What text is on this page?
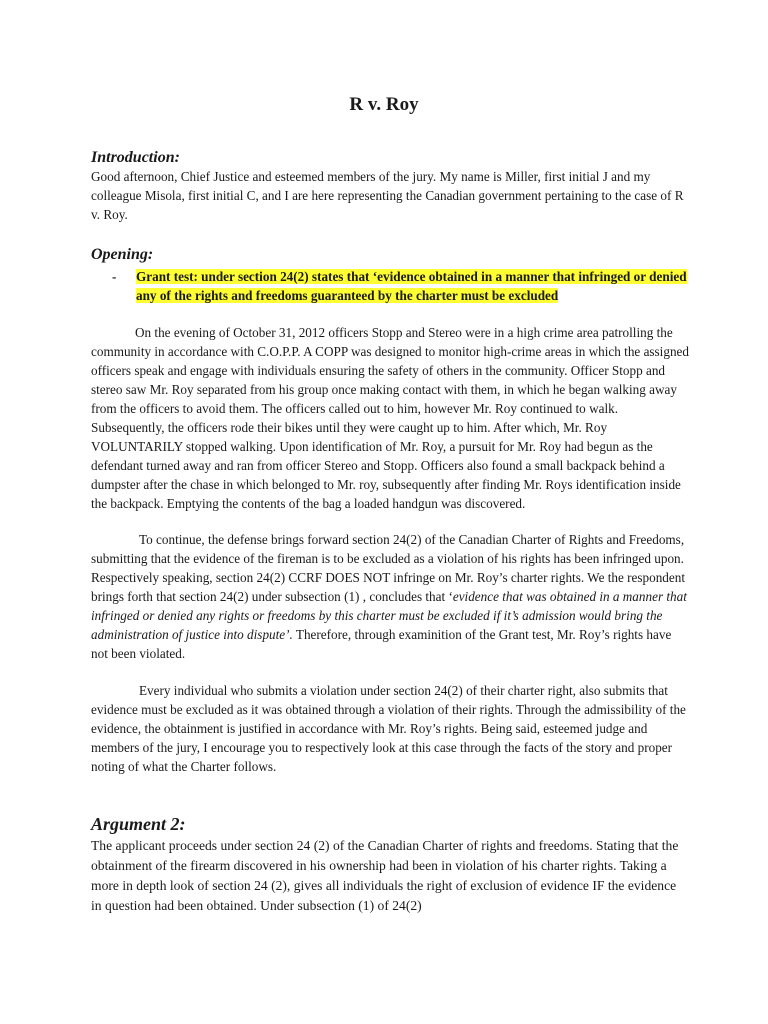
R v. Roy
Introduction:

Good afternoon, Chief Justice and esteemed members of the jury. My name is Miller, first initial J and my colleague Misola, first initial C, and I are here representing the Canadian government pertaining to the case of R v. Roy.

Opening:
- Grant test: under section 24(2) states that ‘evidence obtained in a manner that infringed or denied any of the rights and freedoms guaranteed by the charter must be excluded

On the evening of October 31, 2012 officers Stopp and Stereo were in a high crime area patrolling the community in accordance with C.O.P.P. A COPP was designed to monitor high-crime areas in which the assigned officers speak and engage with individuals ensuring the safety of others in the community. Officer Stopp and stereo saw Mr. Roy separated from his group once making contact with them, in which he began walking away from the officers to avoid them. The officers called out to him, however Mr. Roy continued to walk. Subsequently, the officers rode their bikes until they were caught up to him. After which, Mr. Roy VOLUNTARILY stopped walking. Upon identification of Mr. Roy, a pursuit for Mr. Roy had begun as the defendant turned away and ran from officer Stereo and Stopp. Officers also found a small backpack behind a dumpster after the chase in which belonged to Mr. roy, subsequently after finding Mr. Roys identification inside the backpack. Emptying the contents of the bag a loaded handgun was discovered.

To continue, the defense brings forward section 24(2) of the Canadian Charter of Rights and Freedoms, submitting that the evidence of the fireman is to be excluded as a violation of his rights has been infringed upon. Respectively speaking, section 24(2) CCRF DOES NOT infringe on Mr. Roy’s charter rights. We the respondent brings forth that section 24(2) under subsection (1) , concludes that ‘evidence that was obtained in a manner that infringed or denied any rights or freedoms by this charter must be excluded if it’s admission would bring the administration of justice into dispute’. Therefore, through examinition of the Grant test, Mr. Roy’s rights have not been violated.

Every individual who submits a violation under section 24(2) of their charter right, also submits that evidence must be excluded as it was obtained through a violation of their rights. Through the admissibility of the evidence, the obtainment is justified in accordance with Mr. Roy’s rights. Being said, esteemed judge and members of the jury, I encourage you to respectively look at this case through the facts of the story and proper noting of what the Charter follows.

Argument 2:

The applicant proceeds under section 24 (2) of the Canadian Charter of rights and freedoms. Stating that the obtainment of the firearm discovered in his ownership had been in violation of his charter rights. Taking a more in depth look of section 24 (2), gives all individuals the right of exclusion of evidence IF the evidence in question had been obtained. Under subsection (1) of 24(2)
